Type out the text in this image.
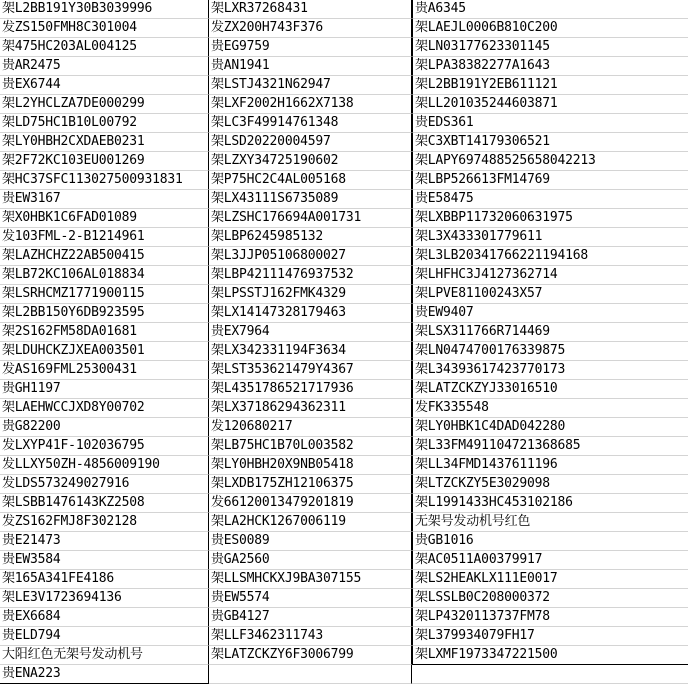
架L2BB191Y30B3039996	架LXR37268431	贵A6345
发ZS150FMH8C301004	发ZX200H743F376	架LAEJL0006B810C200
架475HC203AL004125	贵EG9759	架LN03177623301145
贵AR2475	贵AN1941	架LPA38382277A1643
贵EX6744	架LSTJ4321N62947	架L2BB191Y2EB611121
架L2YHCLZA7DE000299	架LXF2002H1662X7138	架LL201035244603871
架LD75HC1B10L00792	架LC3F49914761348	贵EDS361
架LY0HBH2CXDAEB0231	架LSD20220004597	架C3XBT14179306521
架2F72KC103EU001269	架LZXY34725190602	架LAPY697488525658042213
架HC37SFC113027500931831	架P75HC2C4AL005168	架LBP526613FM14769
贵EW3167	架LX43111S6735089	贵E58475
架X0HBK1C6FAD01089	架LZSHC176694A001731	架LXBBP11732060631975
发103FML-2-B1214961	架LBP6245985132	架L3X433301779611
架LAZHCHZ22AB500415	架L3JJP05106800027	架L3LB20341766221194168
架LB72KC106AL018834	架LBP42111476937532	架LHFHC3J4127362714
架LSRHCMZ1771900115	架LPSSTJ162FMK4329	架LPVE81100243X57
架L2BB150Y6DB923595	架LX14147328179463	贵EW9407
架2S162FM58DA01681	贵EX7964	架LSX311766R714469
架LDUHCKZJXEA003501	架LX342331194F3634	架LN0474700176339875
发AS169FML25300431	架LST353621479Y4367	架L34393617423770173
贵GH1197	架L4351786521717936	架LATZCKZYJ33016510
架LAEHWCCJXD8Y00702	架LX37186294362311	发FK335548
贵G82200	发120680217	架LY0HBK1C4DAD042280
发LXYP41F-102036795	架LB75HC1B70L003582	架L33FM491104721368685
发LLXY50ZH-4856009190	架LY0HBH20X9NB05418	架LL34FMD1437611196
发LDS573249027916	架LXDB175ZH12106375	架LTZCKZY5E3029098
架LSBB1476143KZ2508	发66120013479201819	架L1991433HC453102186
发ZS162FMJ8F302128	架LA2HCK1267006119	无架号发动机号红色
贵E21473	贵ES0089	贵GB1016
贵EW3584	贵GA2560	架AC0511A00379917
架165A341FE4186	架LLSMHCKXJ9BA307155	架LS2HEAKLX111E0017
架LE3V1723694136	贵EW5574	架LSSLB0C208000372
贵EX6684	贵GB4127	架LP4320113737FM78
贵ELD794	架LLF3462311743	架L379934079FH17
大阳红色无架号发动机号	架LATZCKZY6F3006799	架LXMF1973347221500
贵ENA223
